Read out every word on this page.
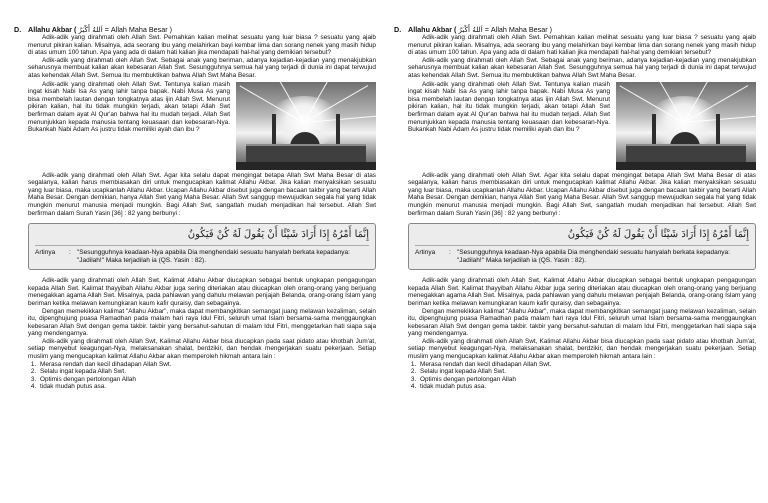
D. Allahu Akbar ( اَللهُ أَكْبَرُ = Allah Maha Besar )

Adik-adik yang dirahmati oleh Allah Swt. Pernahkan kalian melihat sesuatu yang luar biasa ? sesuatu yang ajaib menurut pikiran kalian. Misalnya, ada seorang ibu yang melahirkan bayi kembar lima dan sorang nenek yang masih hidup di atas umum 100 tahun. Apa yang ada di dalam hati kalian jika mendapati hal-hal yang demikian tersebut?

Adik-adik yang dirahmati oleh Allah Swt. Sebagai anak yang beriman, adanya kejadian-kejadian yang menakjubkan seharusnya membuat kalian akan kebesaran Allah Swt. Sesungguhnya semua hal yang terjadi di dunia ini dapat terwujud atas kehendak Allah Swt. Semua itu membuktikan bahwa Allah Swt Maha Besar.

Adik-adik yang dirahmati oleh Allah Swt. Tentunya kalian masih ingat kisah Nabi Isa As yang lahir tanpa bapak. Nabi Musa As yang bisa membelah lautan dengan tongkatnya atas ijin Allah Swt. Menurut pikiran kalian, hal itu tidak mungkin terjadi, akan tetapi Allah Swt berfirman dalam ayat Al Qur'an bahwa hal itu mudah terjadi. Allah Swt menunjukkan kepada manusia tentang keuasaan dan kebesaran-Nya. Bukankah Nabi Adam As justru tidak memiliki ayah dan ibu ?

Adik-adik yang dirahmati oleh Allah Swt. Agar kita selalu dapat mengingat betapa Allah Swt Maha Besar di atas segalanya, kalian harus membiasakan diri untuk mengucapkan kalimat Allahu Akbar. Jika kalian menyaksikan sesuatu yang luar biasa, maka ucapkanlah Allahu Akbar. Ucapan Allahu Akbar disebut juga dengan bacaan takbir yang berarti Allah Maha Besar. Dengan demikian, hanya Allah Swt yang Maha Besar. Allah Swt sanggup mewujudkan segala hal yang tidak mungkin menurut manusia menjadi mungkin. Bagi Allah Swt, sangatlah mudah menjadikan hal tersebut. Allah Swt berfirman dalam Surah Yasin [36] : 82 yang berbunyi :

إِنَّمَا أَمْرُهُ إِذَا أَرَادَ شَيْئًا أَنْ يَقُولَ لَهُ كُنْ فَيَكُونُ
Artinya	: "Sesungguhnya keadaan-Nya apabila Dia menghendaki sesuatu hanyalah berkata kepadanya: "Jadilah!" Maka terjadilah ia (QS. Yasin : 82).

Adik-adik yang dirahmati oleh Allah Swt, Kalimat Allahu Akbar diucapkan sebagai bentuk ungkapan pengagungan kepada Allah Swt. Kalimat thayyibah Allahu Akbar juga sering diteriakan atau diucapkan oleh orang-orang yang berjuang menegakkan agama Allah Swt. Misalnya, pada pahlawan yang dahulu melawan penjajah Belanda, orang-orang Islam yang beriman ketika melawan kemungkaran kaum kafir quraisy, dan sebagainya.

Dengan memekikkan kalimat "Allahu Akbar", maka dapat membangkitkan semangat juang melawan kezaliman, selain itu, dipenghujung puasa Ramadhan pada malam hari raya Idul Fitri, seluruh umat Islam bersama-sama menggaungkan kebesaran Allah Swt dengan gema takbir. takbir yang bersahut-sahutan di malam Idul Fitri, menggetarkan hati siapa saja yang mendengarnya.

Adik-adik yang dirahmati oleh Allah Swt, Kalimat Allahu Akbar bisa diucapkan pada saat pidato atau khotbah Jum'at, setiap menyebut keagungan-Nya, melaksanakan shalat, berdzikir, dan hendak mengerjakan suatu pekerjaan. Setiap muslim yang mengucapkan kalimat Allahu Akbar akan memperoleh hikmah antara lain :

1. Merasa rendah dan kecil dihadapan Allah Swt.
2. Selalu ingat kepada Allah Swt.
3. Optimis dengan pertolongan Allah
4. tidak mudah putus asa.
D. Allahu Akbar ( اَللهُ أَكْبَرُ = Allah Maha Besar )

Adik-adik yang dirahmati oleh Allah Swt. Pernahkan kalian melihat sesuatu yang luar biasa ? sesuatu yang ajaib menurut pikiran kalian. Misalnya, ada seorang ibu yang melahirkan bayi kembar lima dan sorang nenek yang masih hidup di atas umum 100 tahun. Apa yang ada di dalam hati kalian jika mendapati hal-hal yang demikian tersebut?

Adik-adik yang dirahmati oleh Allah Swt. Sebagai anak yang beriman, adanya kejadian-kejadian yang menakjubkan seharusnya membuat kalian akan kebesaran Allah Swt. Sesungguhnya semua hal yang terjadi di dunia ini dapat terwujud atas kehendak Allah Swt. Semua itu membuktikan bahwa Allah Swt Maha Besar.

Adik-adik yang dirahmati oleh Allah Swt. Tentunya kalian masih ingat kisah Nabi Isa As yang lahir tanpa bapak. Nabi Musa As yang bisa membelah lautan dengan tongkatnya atas ijin Allah Swt. Menurut pikiran kalian, hal itu tidak mungkin terjadi, akan tetapi Allah Swt berfirman dalam ayat Al Qur'an bahwa hal itu mudah terjadi. Allah Swt menunjukkan kepada manusia tentang keuasaan dan kebesaran-Nya. Bukankah Nabi Adam As justru tidak memiliki ayah dan ibu ?

Adik-adik yang dirahmati oleh Allah Swt. Agar kita selalu dapat mengingat betapa Allah Swt Maha Besar di atas segalanya, kalian harus membiasakan diri untuk mengucapkan kalimat Allahu Akbar. Jika kalian menyaksikan sesuatu yang luar biasa, maka ucapkanlah Allahu Akbar. Ucapan Allahu Akbar disebut juga dengan bacaan takbir yang berarti Allah Maha Besar. Dengan demikian, hanya Allah Swt yang Maha Besar. Allah Swt sanggup mewujudkan segala hal yang tidak mungkin menurut manusia menjadi mungkin. Bagi Allah Swt, sangatlah mudah menjadikan hal tersebut. Allah Swt berfirman dalam Surah Yasin [36] : 82 yang berbunyi :

إِنَّمَا أَمْرُهُ إِذَا أَرَادَ شَيْئًا أَنْ يَقُولَ لَهُ كُنْ فَيَكُونُ
Artinya	: "Sesungguhnya keadaan-Nya apabila Dia menghendaki sesuatu hanyalah berkata kepadanya: "Jadilah!" Maka terjadilah ia (QS. Yasin : 82).

Adik-adik yang dirahmati oleh Allah Swt, Kalimat Allahu Akbar diucapkan sebagai bentuk ungkapan pengagungan kepada Allah Swt. Kalimat thayyibah Allahu Akbar juga sering diteriakan atau diucapkan oleh orang-orang yang berjuang menegakkan agama Allah Swt. Misalnya, pada pahlawan yang dahulu melawan penjajah Belanda, orang-orang Islam yang beriman ketika melawan kemungkaran kaum kafir quraisy, dan sebagainya.

Dengan memekikkan kalimat "Allahu Akbar", maka dapat membangkitkan semangat juang melawan kezaliman, selain itu, dipenghujung puasa Ramadhan pada malam hari raya Idul Fitri, seluruh umat Islam bersama-sama menggaungkan kebesaran Allah Swt dengan gema takbir. takbir yang bersahut-sahutan di malam Idul Fitri, menggetarkan hati siapa saja yang mendengarnya.

Adik-adik yang dirahmati oleh Allah Swt, Kalimat Allahu Akbar bisa diucapkan pada saat pidato atau khotbah Jum'at, setiap menyebut keagungan-Nya, melaksanakan shalat, berdzikir, dan hendak mengerjakan suatu pekerjaan. Setiap muslim yang mengucapkan kalimat Allahu Akbar akan memperoleh hikmah antara lain :

1. Merasa rendah dan kecil dihadapan Allah Swt.
2. Selalu ingat kepada Allah Swt.
3. Optimis dengan pertolongan Allah
4. tidak mudah putus asa.
